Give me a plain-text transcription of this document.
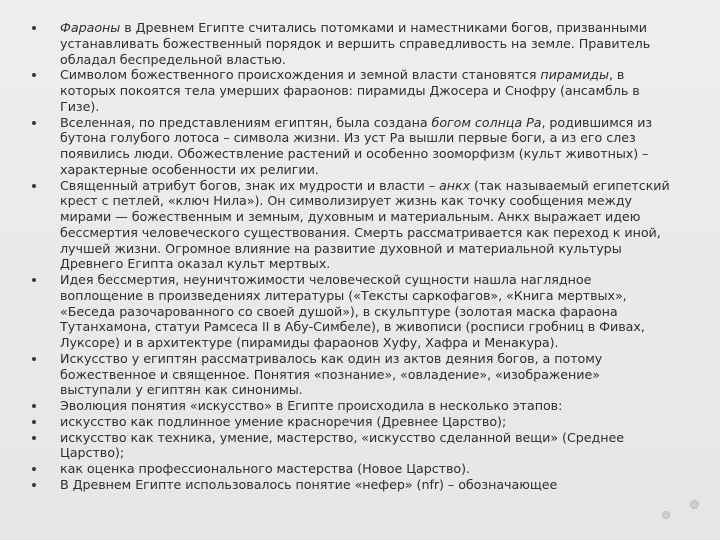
Фараоны в Древнем Египте считались потомками и наместниками богов, призванными устанавливать божественный порядок и вершить справедливость на земле. Правитель обладал беспредельной властью.
Символом божественного происхождения и земной власти становятся пирамиды, в которых покоятся тела умерших фараонов: пирамиды Джосера и Снофру (ансамбль в Гизе).
Вселенная, по представлениям египтян, была создана богом солнца Ра, родившимся из бутона голубого лотоса – символа жизни. Из уст Ра вышли первые боги, а из его слез появились люди. Обожествление растений и особенно зооморфизм (культ животных) – характерные особенности их религии.
Священный атрибут богов, знак их мудрости и власти – анкх (так называемый египетский крест с петлей, «ключ Нила»). Он символизирует жизнь как точку сообщения между мирами — божественным и земным, духовным и материальным. Анкх выражает идею бессмертия человеческого существования. Смерть рассматривается как переход к иной, лучшей жизни. Огромное влияние на развитие духовной и материальной культуры Древнего Египта оказал культ мертвых.
Идея бессмертия, неуничтожимости человеческой сущности нашла наглядное воплощение в произведениях литературы («Тексты саркофагов», «Книга мертвых», «Беседа разочарованного со своей душой»), в скульптуре (золотая маска фараона Тутанхамона, статуи Рамсеса II в Абу-Симбеле), в живописи (росписи гробниц в Фивах, Луксоре) и в архитектуре (пирамиды фараонов Хуфу, Хафра и Менакура).
Искусство у египтян рассматривалось как один из актов деяния богов, а потому божественное и священное. Понятия «познание», «овладение», «изображение» выступали у египтян как синонимы.
Эволюция понятия «искусство» в Египте происходила в несколько этапов:
искусство как подлинное умение красноречия (Древнее Царство);
искусство как техника, умение, мастерство, «искусство сделанной вещи» (Среднее Царство);
как оценка профессионального мастерства (Новое Царство).
В Древнем Египте использовалось понятие «нефер» (nfr) – обозначающее
